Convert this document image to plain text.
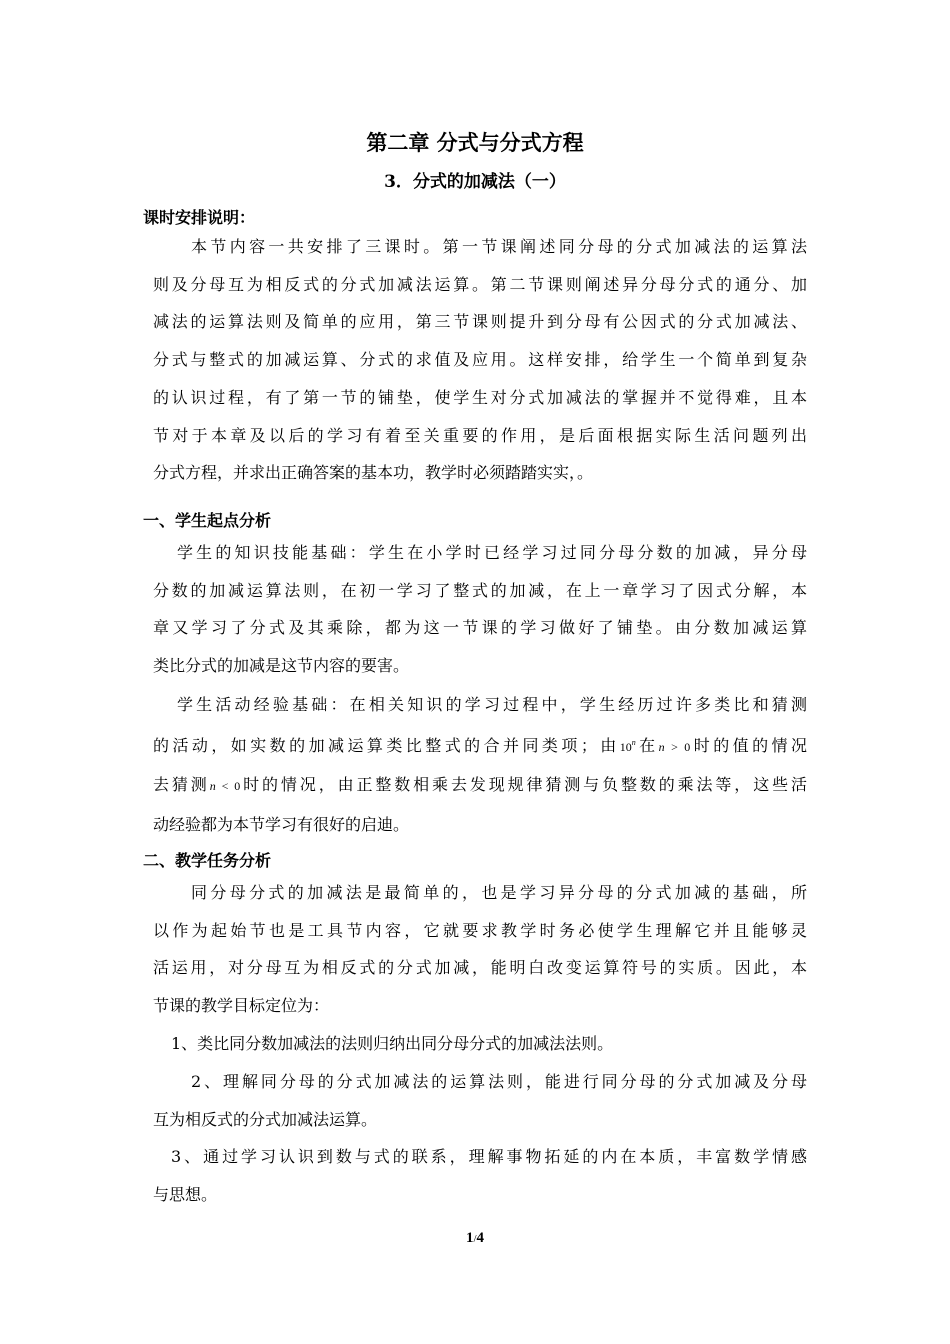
第二章 分式与分式方程
3．分式的加减法（一）
课时安排说明：
本节内容一共安排了三课时。第一节课阐述同分母的分式加减法的运算法
则及分母互为相反式的分式加减法运算。第二节课则阐述异分母分式的通分、加
减法的运算法则及简单的应用，第三节课则提升到分母有公因式的分式加减法、
分式与整式的加减运算、分式的求值及应用。这样安排，给学生一个简单到复杂
的认识过程，有了第一节的铺垫，使学生对分式加减法的掌握并不觉得难，且本
节对于本章及以后的学习有着至关重要的作用，是后面根据实际生活问题列出
分式方程，并求出正确答案的基本功，教学时必须踏踏实实，。
一、学生起点分析
学生的知识技能基础：学生在小学时已经学习过同分母分数的加减，异分母
分数的加减运算法则，在初一学习了整式的加减，在上一章学习了因式分解，本
章又学习了分式及其乘除，都为这一节课的学习做好了铺垫。由分数加减运算
类比分式的加减是这节内容的要害。
学生活动经验基础：在相关知识的学习过程中，学生经历过许多类比和猜测
的活动，如实数的加减运算类比整式的合并同类项；由10$^n$在n > 0时的值的情况
去猜测n < 0时的情况，由正整数相乘去发现规律猜测与负整数的乘法等，这些活
动经验都为本节学习有很好的启迪。
二、教学任务分析
同分母分式的加减法是最简单的，也是学习异分母的分式加减的基础，所
以作为起始节也是工具节内容，它就要求教学时务必使学生理解它并且能够灵
活运用，对分母互为相反式的分式加减，能明白改变运算符号的实质。因此，本
节课的教学目标定位为：
1、类比同分数加减法的法则归纳出同分母分式的加减法法则。
2、理解同分母的分式加减法的运算法则，能进行同分母的分式加减及分母
互为相反式的分式加减法运算。
3、通过学习认识到数与式的联系，理解事物拓延的内在本质，丰富数学情感
与思想。
1/4
